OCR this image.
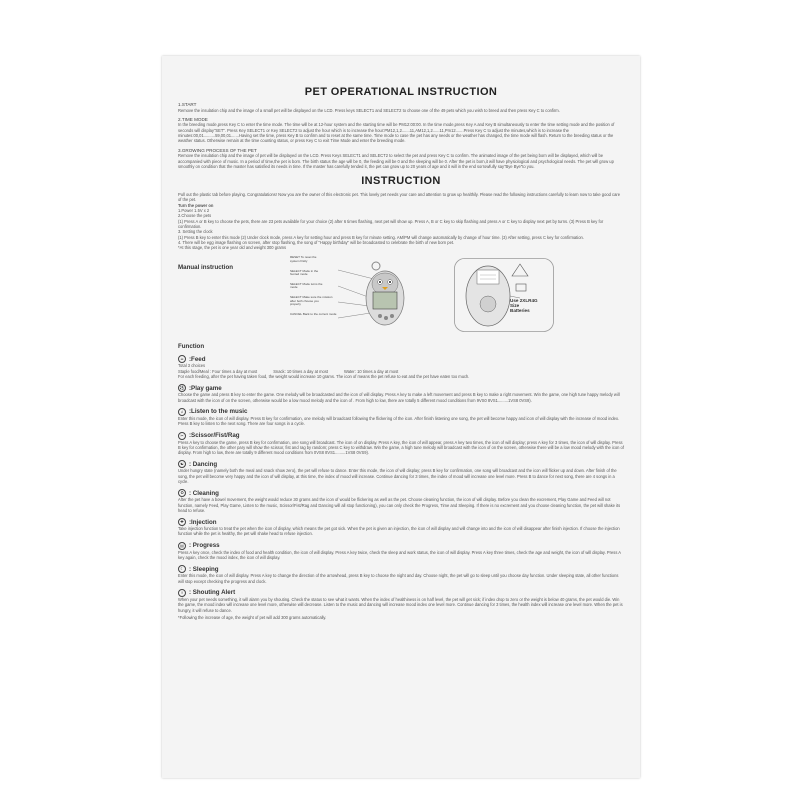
PET OPERATIONAL INSTRUCTION
1.START

Remove the insulation chip and the image of a small pet will be displayed on the LCD. Press keys SELECT1 and SELECT2 to choose one of the 49 pets which you wish to breed and then press Key C to confirm.

2.TIME MODE

In the breeding mode,press Key C to enter the time mode. The time will be at 12-hour system and the starting time will be PM12:00:00. In the time mode,press Key A and Key B simultaneously to enter the time setting mode and the position of seconds will display"SET". Press Key SELECT1 or Key SELECT2 to adjust the hour which is to increase the hour:PM12,1,2.......11,AM12,1,2......11,Pm12.......Press Key C to adjust the minutes,which is to increase the minutes:00,01..........59,00,01.......Having set the time, press Key B to confirm and to reset at the same time. Time mode to case the pet has any needs or the weather has changed, the time mode will flash. Return to the breeding status or the weather status. Otherwise remain at the time counting status, or press Key C to exit Time Mode and enter the breeding mode.

3.GROWING PROCESS OF THE PET

Remove the insulation chip and the image of pet will be displayed on the LCD. Press Keys SELECT1 and SELECT2 to select the pet and press Key C to confirm. The animated image of the pet being born will be displayed, which will be accompanied with piece of music. In a period of time,the pet is born. The birth status the age will be 0, the feeding will be 0 and the sleeping will be 0. After the pet is born,it will have physiological and psychological needs. The pet will grow up smoothly on condition that the master has satisfied its needs in time. If the master has carefully tended it, the pet can grow up to 20 years of age and it will in the end sorrowfully say"Bye Bye"to you.

INSTRUCTION

Pull out the plastic tab before playing. Congratulations! Now you are the owner of this electronic pet. This lovely pet needs your care and attention to grow up healthily. Please read the following instructions carefully to learn now to take good care of the pet.

Turn the power on

1.Power 1.5V x 2

2.Choose the pets

(1) Press A or B key to choose the pets, there are 23 pets available for your choice (2) after 6 times flashing, next pet will show up. Press A, B or C key to skip flashing and press A or C key to display next pet by turns. (3) Press B key for confirmation.

3. Setting the clock

(1) Press B key to enter this mode (2) Under clock mode, press A key for setting hour and press B key for minute setting. AM/PM will change automatically by change of hour time. (3) After setting, press C key for confirmation.

4. There will be egg image flashing on screen, after stop flashing, the song of "Happy birthday" will be broadcasted to celebrate the birth of new born pet.

*At this stage, the pet is one year old and weight 300 grams

Manual instruction
RESET To reset the
system firstly
SELECT Mode in the
hunted mode
SELECT Mode turns the
mode
SELECT Make sure the mission
after both choose you
properly
CANCEL Back to the current mode
Use 2XLR4G
Size
Batteries
Function
☕ :Feed
Total 3 choices
Staple food/Meal : Four times a day at most	Snack: 10 times a day at most	Water: 10 times a day at most

For each feeding, after the pet having taken food, the weight would increase 10 grams. The icon of means the pet refuse to eat and the pet have eaten too much.

⚽ :Play game

Choose the game and press B key to enter the game. One melody will be broadcasted and the icon of will display. Press A key to make a left movement and press B key to make a right movement. Win the game, one high tune happy melody will broadcast with the icon of on the screen, otherwise would be a low mood melody and the icon of . From high to low, there are totally 5 different mood conditions from 9VS0 8VS1.........1VS8 0VS9).

♫ :Listen to the music

Enter this mode, the icon of will display. Press B key for confirmation, one melody will broadcast following the flickering of the icon. After finish listening one song, the pet will become happy and icon of will display with the increase of mood index. Press B key to listen to the next song. There are four songs in a cycle.

✂ :Scissor/Fist/Rag

Press A key to choose the game, press B key for confirmation, one song will broadcast. The icon of on display. Press A key, the icon of will appear, press A key two times, the icon of will display; press A key for 3 times, the icon of will display. Press B key for confirmation, the other pary will show the scissor, fist and rag by random; press C key to withdraw. Win the game, a high tune melody will broadcast with the icon of on the screen, otherwise there will be a low mood melody with the icon of display. From high to low, there are totally 9 different mood conditions from 0VS8 8VS1.........1VS8 0VS9).

☯ : Dancing

Under hungry state (namely both the meal and snack show zero), the pet will refuse to dance. Enter this mode, the icon of will display; press B key for confirmation, one song will broadcast and the icon will flicker up and down. After finish of the song, the pet will become very happy and the icon of will display, at this time, the index of mood will increase. Continue dancing for 3 times, the index of mood will increase one level more. Press B to dance for next song, there are 4 songs in a cycle.

♻ : Cleaning

After the pet have a bowel movement, the weight would reduce 30 grams and the icon of would be flickering as well as the pet. Choose cleaning function, the icon of will display. Before you clean the excrement, Play Game and Feed will not function, namely Feed, Play Game, Listen to the music, Scissor/Fist/Rag and Dancing will all stop functioning), you can only check the Progress, Time and Sleeping. If there is no excrement and you choose cleaning function, the pet will shake its head to refuse.

✚ :Injection

Take injection function to treat the pet when the icon of display, which means the pet got sick. When the pet is given an injection, the icon of will display and will change into and the icon of will disappear after finish injection. If choose the injection function while the pet is healthy, the pet will shake head to refuse injection.

▤ : Progress

Press A key once, check the index of food and health condition, the icon of will display. Press A key twice, check the sleep and work status, the icon of will display. Press A key three times, check the age and weight, the icon of will display. Press A key again, check the mood index, the icon of will display.

☾ : Sleeping

Enter this mode, the icon of will display. Press A key to change the direction of the arrowhead, press B key to choose the night and day. Choose night, the pet will go to sleep until you choose day function. Under sleeping state, all other functions will stop except checking the progress and clock.

!	: Shouting Alert

When your pet needs something, it will alarm you by shouting. Check the status to see what it wants. When the index of healthiness is on half level, the pet will get sick; if index drop to zero or the weight is below 40 grams, the pet would die. Win the game, the mood index will increase one level more, otherwise will decrease. Listen to the music and dancing will increase mood index one level more. Continue dancing for 3 times, the health index will increase one level more. When the pet is hungry, it will refuse to dance.

*Following the increase of age, the weight of pet will add 300 grams automatically.
